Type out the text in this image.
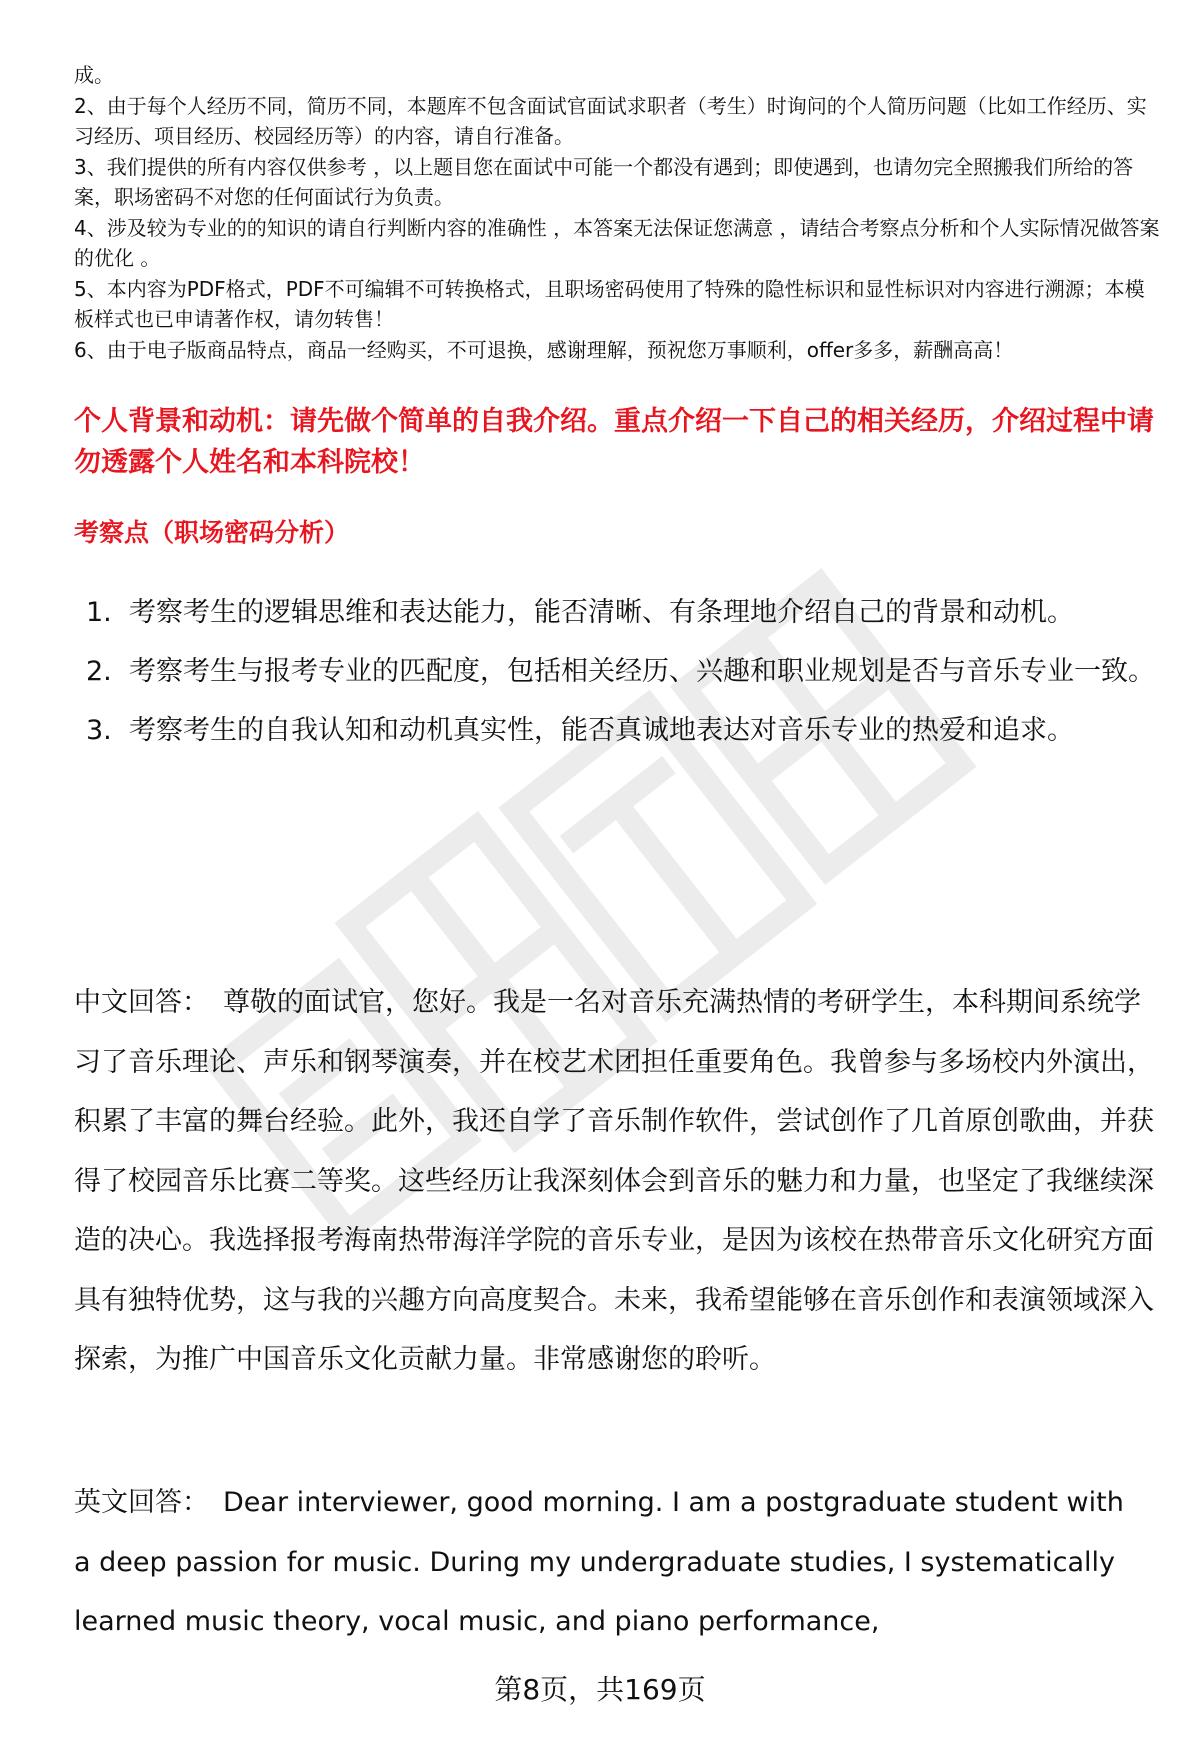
成。

2、由于每个人经历不同，简历不同，本题库不包含面试官面试求职者（考生）时询问的个人简历问题（比如工作经历、实习经历、项目经历、校园经历等）的内容，请自行准备。

3、我们提供的所有内容仅供参考 ，以上题目您在面试中可能一个都没有遇到；即使遇到，也请勿完全照搬我们所给的答案，职场密码不对您的任何面试行为负责。

4、涉及较为专业的的知识的请自行判断内容的准确性 ，本答案无法保证您满意 ，请结合考察点分析和个人实际情况做答案的优化 。

5、本内容为PDF格式，PDF不可编辑不可转换格式，且职场密码使用了特殊的隐性标识和显性标识对内容进行溯源；本模板样式也已申请著作权，请勿转售！

6、由于电子版商品特点，商品一经购买，不可退换，感谢理解，预祝您万事顺利，offer多多，薪酬高高！

个人背景和动机：请先做个简单的自我介绍。重点介绍一下自己的相关经历，介绍过程中请勿透露个人姓名和本科院校！
考察点（职场密码分析）
1. 考察考生的逻辑思维和表达能力，能否清晰、有条理地介绍自己的背景和动机。
2. 考察考生与报考专业的匹配度，包括相关经历、兴趣和职业规划是否与音乐专业一致。
3. 考察考生的自我认知和动机真实性，能否真诚地表达对音乐专业的热爱和追求。

中文回答： 尊敬的面试官，您好。我是一名对音乐充满热情的考研学生，本科期间系统学习了音乐理论、声乐和钢琴演奏，并在校艺术团担任重要角色。我曾参与多场校内外演出，积累了丰富的舞台经验。此外，我还自学了音乐制作软件，尝试创作了几首原创歌曲，并获得了校园音乐比赛二等奖。这些经历让我深刻体会到音乐的魅力和力量，也坚定了我继续深造的决心。我选择报考海南热带海洋学院的音乐专业，是因为该校在热带音乐文化研究方面具有独特优势，这与我的兴趣方向高度契合。未来，我希望能够在音乐创作和表演领域深入探索，为推广中国音乐文化贡献力量。非常感谢您的聆听。

英文回答： Dear interviewer, good morning. I am a postgraduate student with a deep passion for music. During my undergraduate studies, I systematically learned music theory, vocal music, and piano performance,

第8页，共169页
